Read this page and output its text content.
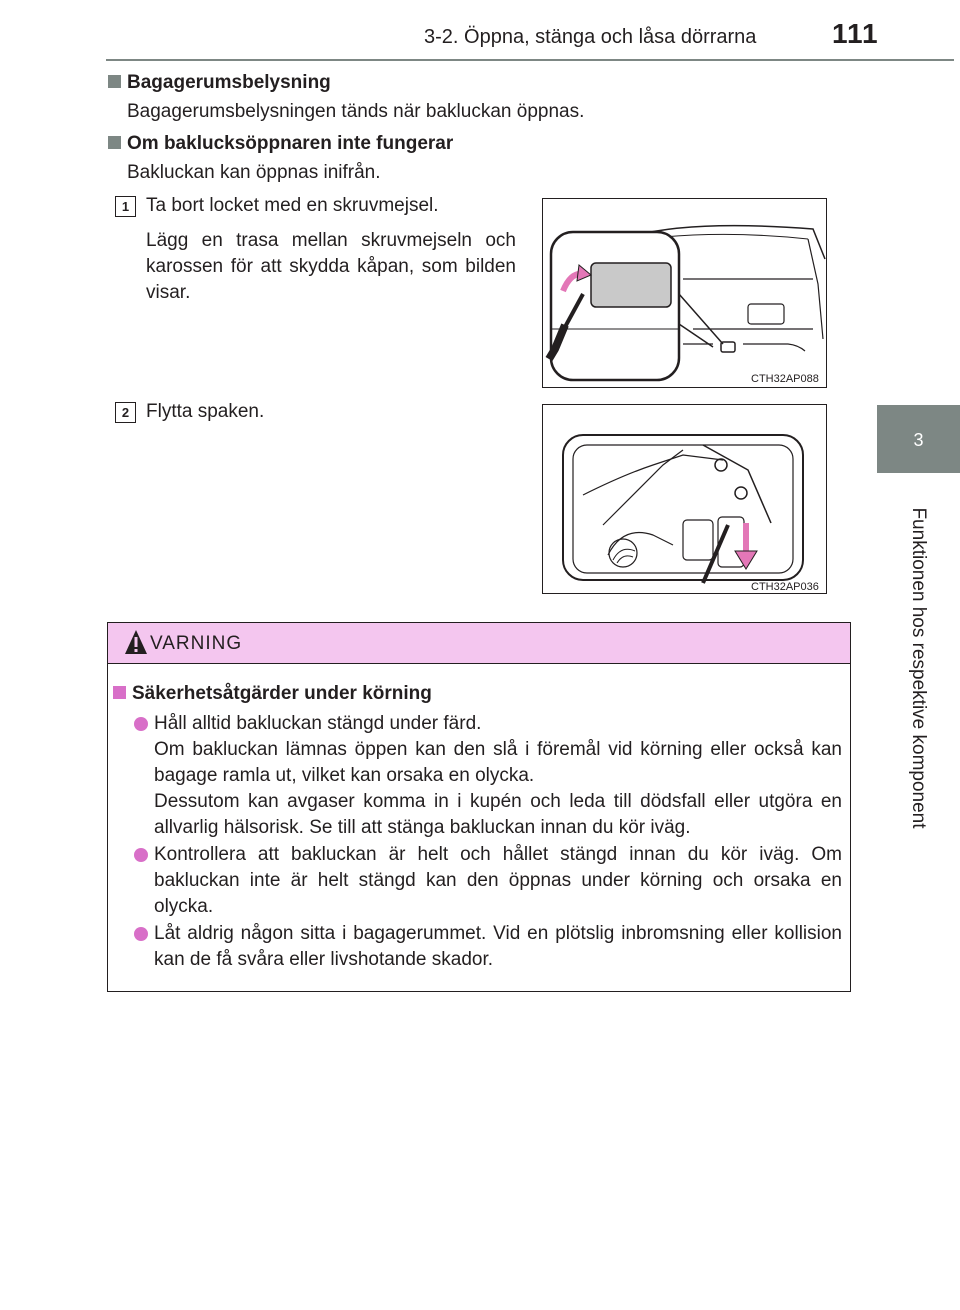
3-2. Öppna, stänga och låsa dörrarna	111
3
Funktionen hos respektive komponent
Bagagerumsbelysning
Bagagerumsbelysningen tänds när bakluckan öppnas.
Om baklucksöppnaren inte fungerar
Bakluckan kan öppnas inifrån.
1 Ta bort locket med en skruvmejsel.
Lägg en trasa mellan skruvmejseln och karossen för att skydda kåpan, som bilden visar.
CTH32AP088
2 Flytta spaken.
CTH32AP036
VARNING
Säkerhetsåtgärder under körning
Håll alltid bakluckan stängd under färd.
Om bakluckan lämnas öppen kan den slå i föremål vid körning eller också kan bagage ramla ut, vilket kan orsaka en olycka.
Dessutom kan avgaser komma in i kupén och leda till dödsfall eller utgöra en allvarlig hälsorisk. Se till att stänga bakluckan innan du kör iväg.
Kontrollera att bakluckan är helt och hållet stängd innan du kör iväg. Om bakluckan inte är helt stängd kan den öppnas under körning och orsaka en olycka.
Låt aldrig någon sitta i bagagerummet. Vid en plötslig inbromsning eller kollision kan de få svåra eller livshotande skador.
